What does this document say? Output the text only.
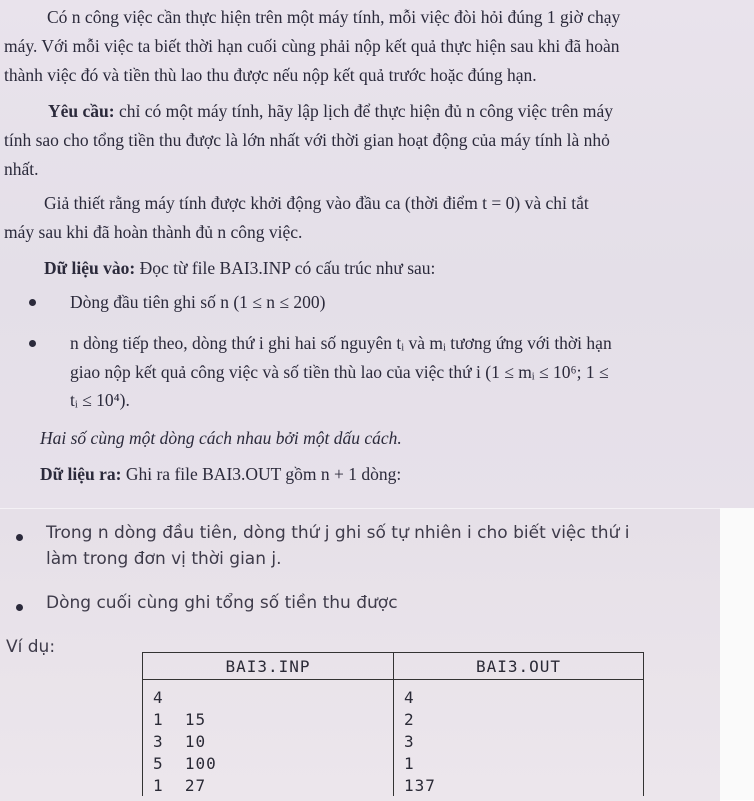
Có n công việc cần thực hiện trên một máy tính, mỗi việc đòi hỏi đúng 1 giờ chạy
máy. Với mỗi việc ta biết thời hạn cuối cùng phải nộp kết quả thực hiện sau khi đã hoàn
thành việc đó và tiền thù lao thu được nếu nộp kết quả trước hoặc đúng hạn.
Yêu cầu: chỉ có một máy tính, hãy lập lịch để thực hiện đủ n công việc trên máy
tính sao cho tổng tiền thu được là lớn nhất với thời gian hoạt động của máy tính là nhỏ
nhất.
Giả thiết rằng máy tính được khởi động vào đầu ca (thời điểm t = 0) và chỉ tắt
máy sau khi đã hoàn thành đủ n công việc.
Dữ liệu vào: Đọc từ file BAI3.INP có cấu trúc như sau:
Dòng đầu tiên ghi số n (1 ≤ n ≤ 200)
n dòng tiếp theo, dòng thứ i ghi hai số nguyên tᵢ và mᵢ tương ứng với thời hạn
giao nộp kết quả công việc và số tiền thù lao của việc thứ i (1 ≤ mᵢ ≤ 10⁶; 1 ≤
tᵢ ≤ 10⁴).
Hai số cùng một dòng cách nhau bởi một dấu cách.
Dữ liệu ra: Ghi ra file BAI3.OUT gồm n + 1 dòng:
Trong n dòng đầu tiên, dòng thứ j ghi số tự nhiên i cho biết việc thứ i
làm trong đơn vị thời gian j.
Dòng cuối cùng ghi tổng số tiền thu được
Ví dụ:
BAI3.INP	BAI3.OUT
4	4
1  15	2
3  10	3
5  100	1
1  27	137
